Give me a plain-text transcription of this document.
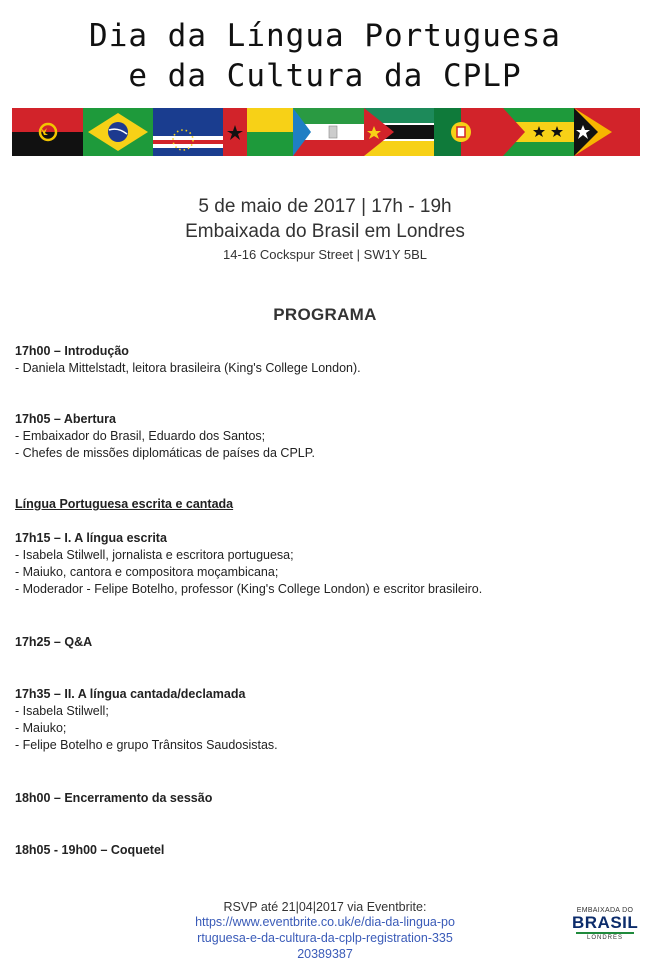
Dia da Língua Portuguesa
e da Cultura da CPLP
5 de maio de 2017 | 17h - 19h
Embaixada do Brasil em Londres
14-16 Cockspur Street | SW1Y 5BL
PROGRAMA
17h00 – Introdução
- Daniela Mittelstadt, leitora brasileira (King's College London).
17h05 – Abertura
- Embaixador do Brasil, Eduardo dos Santos;
- Chefes de missões diplomáticas de países da CPLP.
Língua Portuguesa escrita e cantada
17h15 – I. A língua escrita
- Isabela Stilwell, jornalista e escritora portuguesa;
- Maiuko, cantora e compositora moçambicana;
- Moderador - Felipe Botelho, professor (King's College London) e escritor brasileiro.
17h25 – Q&A
17h35 – II. A língua cantada/declamada
- Isabela Stilwell;
- Maiuko;
- Felipe Botelho e grupo Trânsitos Saudosistas.
18h00 – Encerramento da sessão
18h05 - 19h00 – Coquetel
RSVP até 21|04|2017 via Eventbrite:
https://www.eventbrite.co.uk/e/dia-da-lingua-portuguesa-e-da-cultura-da-cplp-registration-33520389387
EMBAIXADA DO
BRASIL
LONDRES
